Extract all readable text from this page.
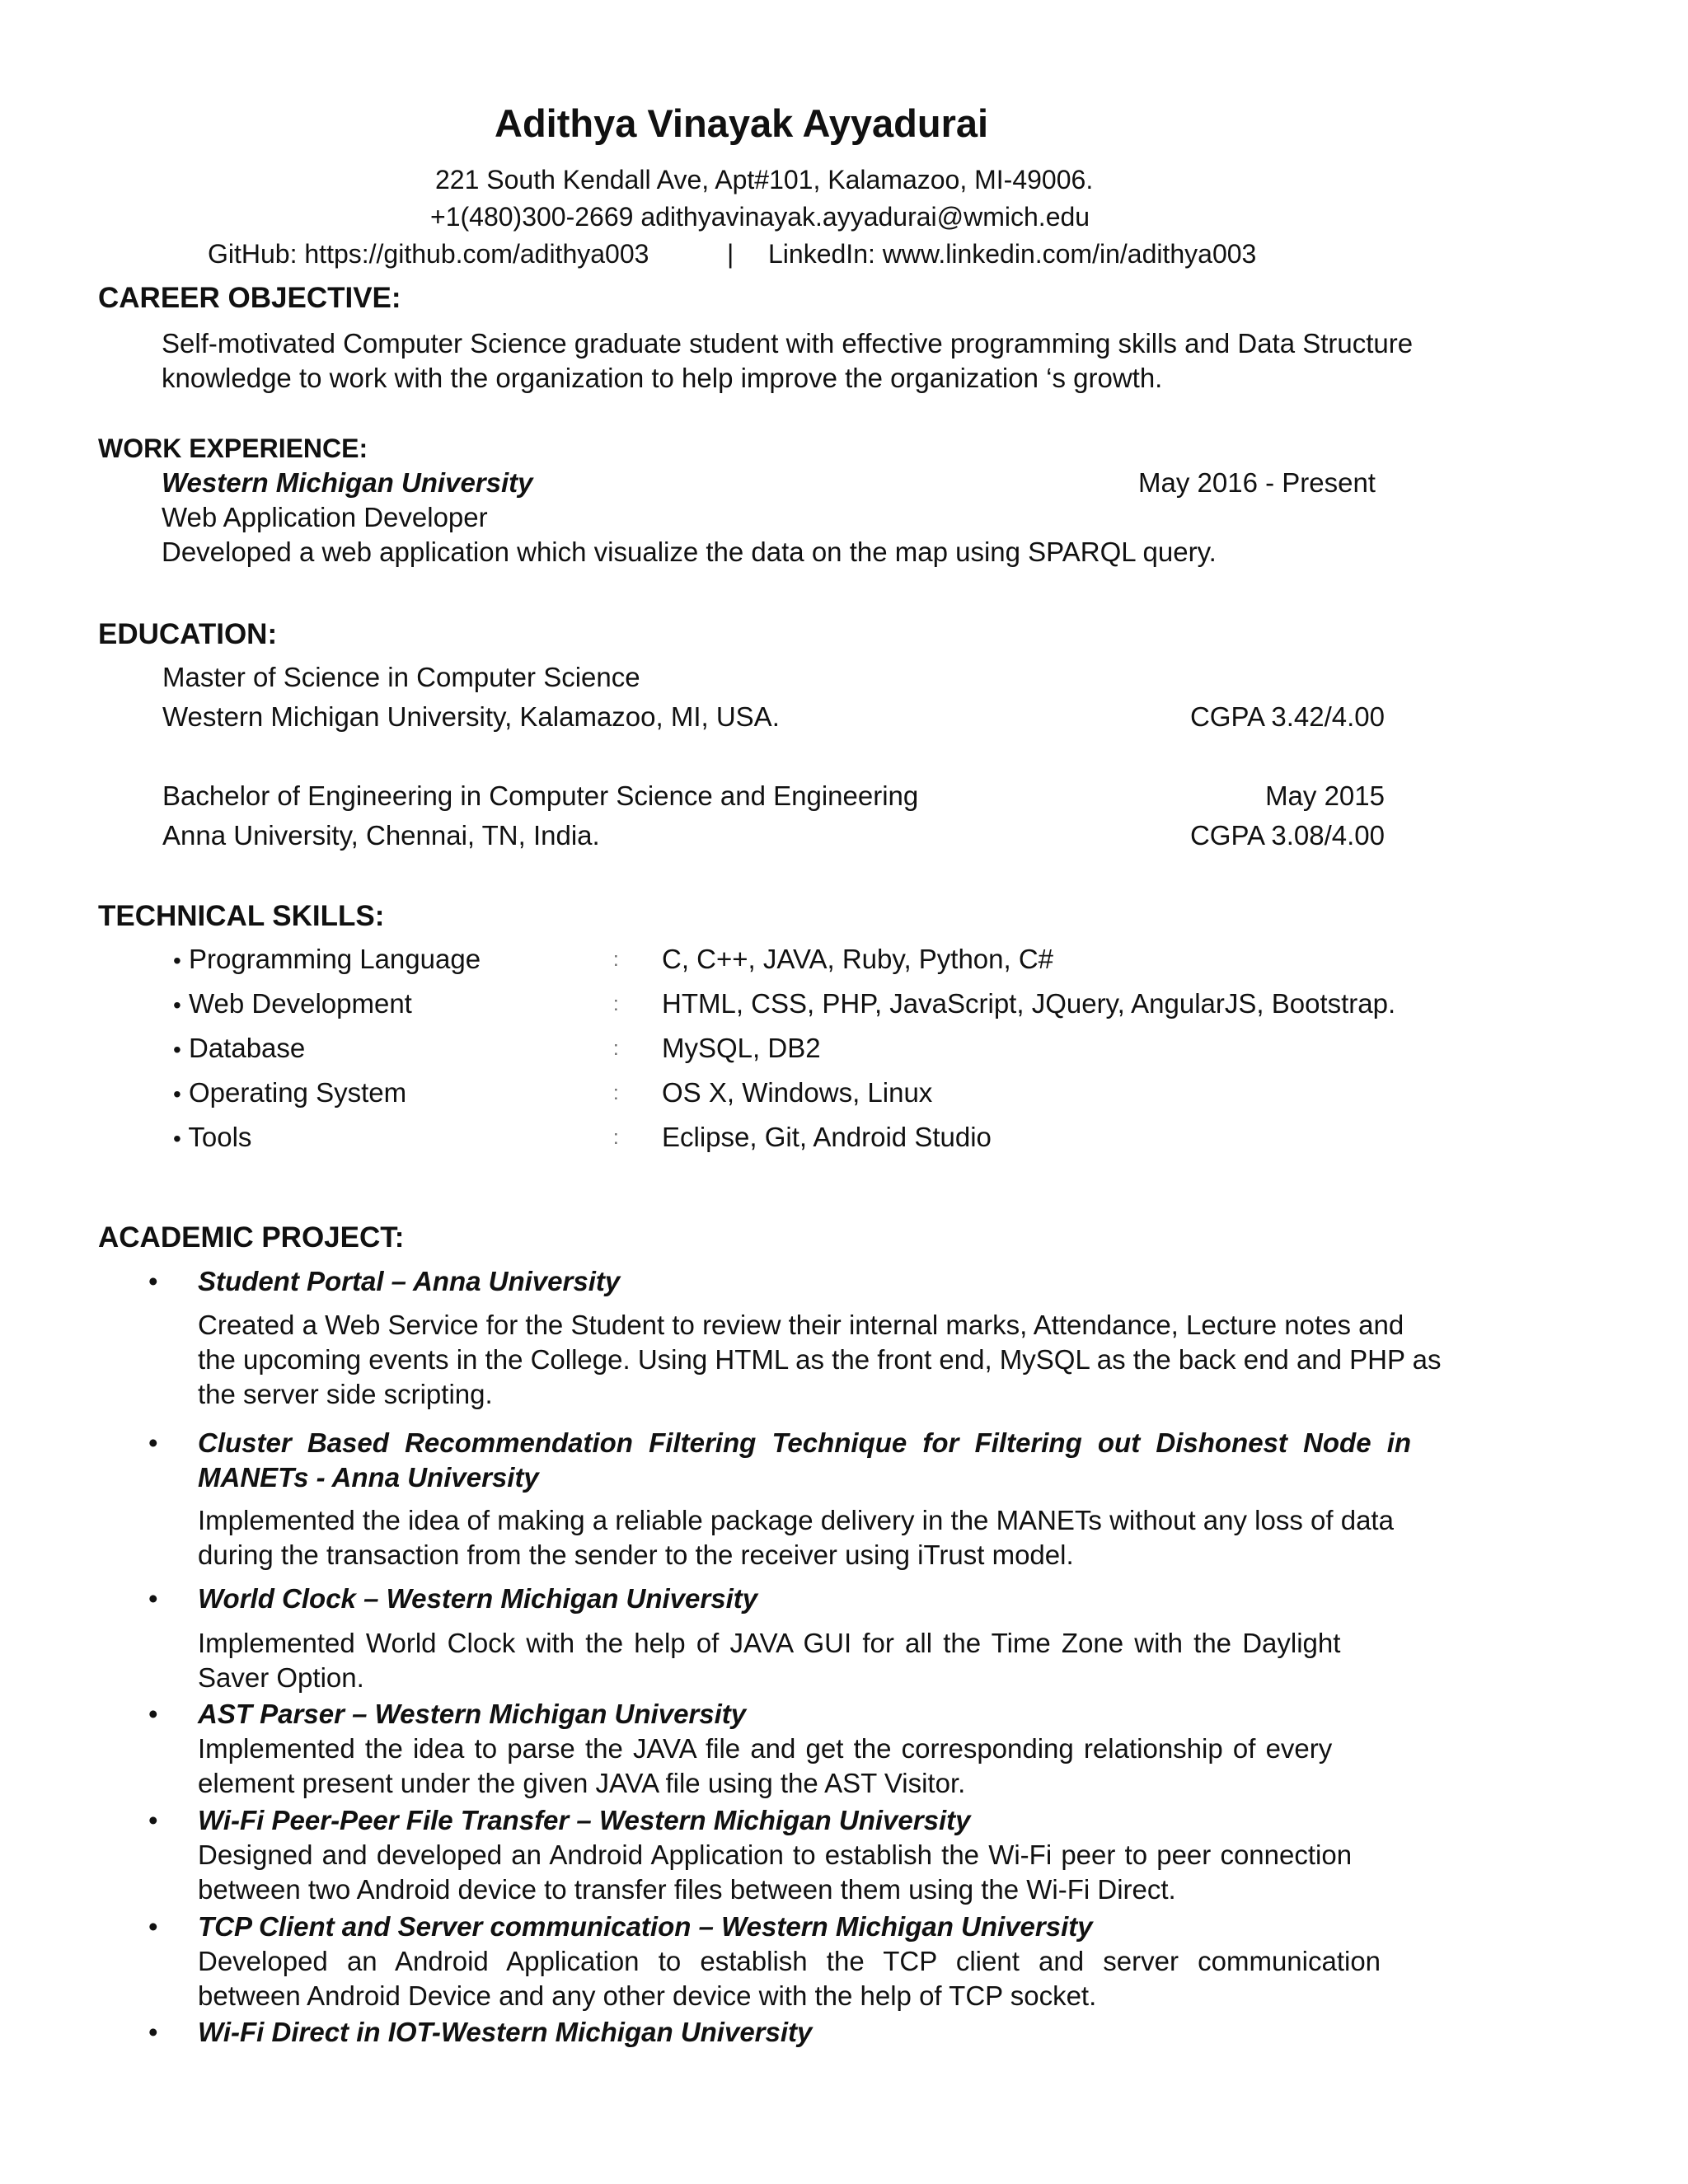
Adithya Vinayak Ayyadurai
221 South Kendall Ave, Apt#101, Kalamazoo, MI-49006.
+1(480)300-2669 adithyavinayak.ayyadurai@wmich.edu
GitHub: https://github.com/adithya003	| LinkedIn: www.linkedin.com/in/adithya003
CAREER OBJECTIVE:
Self-motivated Computer Science graduate student with effective programming skills and Data Structure
knowledge to work with the organization to help improve the organization ‘s growth.
WORK EXPERIENCE:
Western Michigan University	May 2016 - Present
Web Application Developer
Developed a web application which visualize the data on the map using SPARQL query.
EDUCATION:
Master of Science in Computer Science
Western Michigan University, Kalamazoo, MI, USA.	CGPA 3.42/4.00
Bachelor of Engineering in Computer Science and Engineering	May 2015
Anna University, Chennai, TN, India.	CGPA 3.08/4.00
TECHNICAL SKILLS:
• Programming Language	: C, C++, JAVA, Ruby, Python, C#
• Web Development	: HTML, CSS, PHP, JavaScript, JQuery, AngularJS, Bootstrap.
• Database	: MySQL, DB2
• Operating System	: OS X, Windows, Linux
• Tools	: Eclipse, Git, Android Studio
ACADEMIC PROJECT:
• Student Portal – Anna University
Created a Web Service for the Student to review their internal marks, Attendance, Lecture notes and
the upcoming events in the College. Using HTML as the front end, MySQL as the back end and PHP as
the server side scripting.
• Cluster Based Recommendation Filtering Technique for Filtering out Dishonest Node in
MANETs - Anna University
Implemented the idea of making a reliable package delivery in the MANETs without any loss of data
during the transaction from the sender to the receiver using iTrust model.
• World Clock – Western Michigan University
Implemented World Clock with the help of JAVA GUI for all the Time Zone with the Daylight
Saver Option.
• AST Parser – Western Michigan University
Implemented the idea to parse the JAVA file and get the corresponding relationship of every
element present under the given JAVA file using the AST Visitor.
• Wi-Fi Peer-Peer File Transfer – Western Michigan University
Designed and developed an Android Application to establish the Wi-Fi peer to peer connection
between two Android device to transfer files between them using the Wi-Fi Direct.
• TCP Client and Server communication – Western Michigan University
Developed an Android Application to establish the TCP client and server communication
between Android Device and any other device with the help of TCP socket.
• Wi-Fi Direct in IOT-Western Michigan University
